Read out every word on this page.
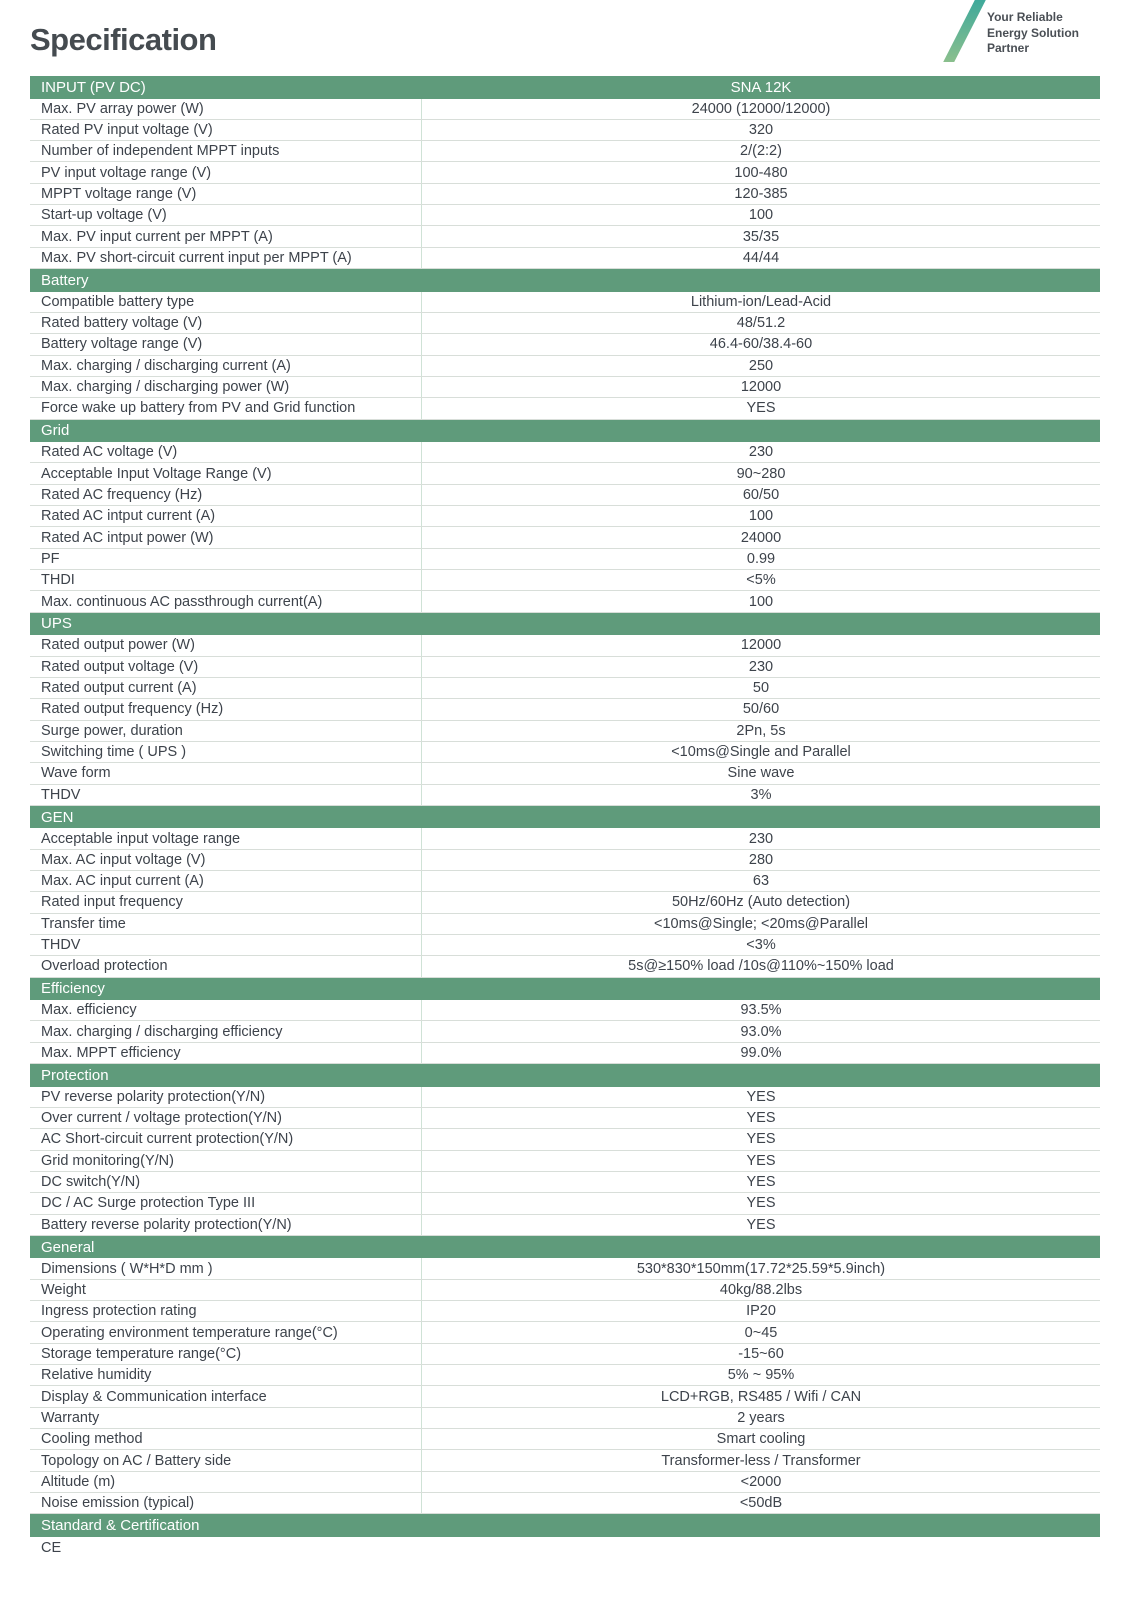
Specification
Your Reliable
Energy Solution
Partner
INPUT (PV DC)	SNA 12K
Max. PV array power (W)	24000 (12000/12000)
Rated PV input voltage (V)	320
Number of independent MPPT inputs	2/(2:2)
PV input voltage range (V)	100-480
MPPT voltage range (V)	120-385
Start-up voltage (V)	100
Max. PV input current per MPPT (A)	35/35
Max. PV short-circuit current input per MPPT (A)	44/44
Battery
Compatible battery type	Lithium-ion/Lead-Acid
Rated battery voltage (V)	48/51.2
Battery voltage range (V)	46.4-60/38.4-60
Max. charging / discharging current (A)	250
Max. charging / discharging power (W)	12000
Force wake up battery from PV and Grid function	YES
Grid
Rated AC voltage (V)	230
Acceptable Input Voltage Range (V)	90~280
Rated AC frequency (Hz)	60/50
Rated AC intput current (A)	100
Rated AC intput power (W)	24000
PF	0.99
THDI	<5%
Max. continuous AC passthrough current(A)	100
UPS
Rated output power (W)	12000
Rated output voltage (V)	230
Rated output current (A)	50
Rated output frequency (Hz)	50/60
Surge power, duration	2Pn, 5s
Switching time ( UPS )	<10ms@Single and Parallel
Wave form	Sine wave
THDV	3%
GEN
Acceptable input voltage range	230
Max. AC input voltage (V)	280
Max. AC input current (A)	63
Rated input frequency	50Hz/60Hz (Auto detection)
Transfer time	<10ms@Single; <20ms@Parallel
THDV	<3%
Overload protection	5s@≥150% load /10s@110%~150% load
Efficiency
Max. efficiency	93.5%
Max. charging / discharging efficiency	93.0%
Max. MPPT efficiency	99.0%
Protection
PV reverse polarity protection(Y/N)	YES
Over current / voltage protection(Y/N)	YES
AC Short-circuit current protection(Y/N)	YES
Grid monitoring(Y/N)	YES
DC switch(Y/N)	YES
DC / AC Surge protection Type III	YES
Battery reverse polarity protection(Y/N)	YES
General
Dimensions ( W*H*D mm )	530*830*150mm(17.72*25.59*5.9inch)
Weight	40kg/88.2lbs
Ingress protection rating	IP20
Operating environment temperature range(°C)	0~45
Storage temperature range(°C)	-15~60
Relative humidity	5% ~ 95%
Display & Communication interface	LCD+RGB, RS485 / Wifi / CAN
Warranty	2 years
Cooling method	Smart cooling
Topology on AC / Battery side	Transformer-less / Transformer
Altitude (m)	<2000
Noise emission (typical)	<50dB
Standard & Certification
CE
